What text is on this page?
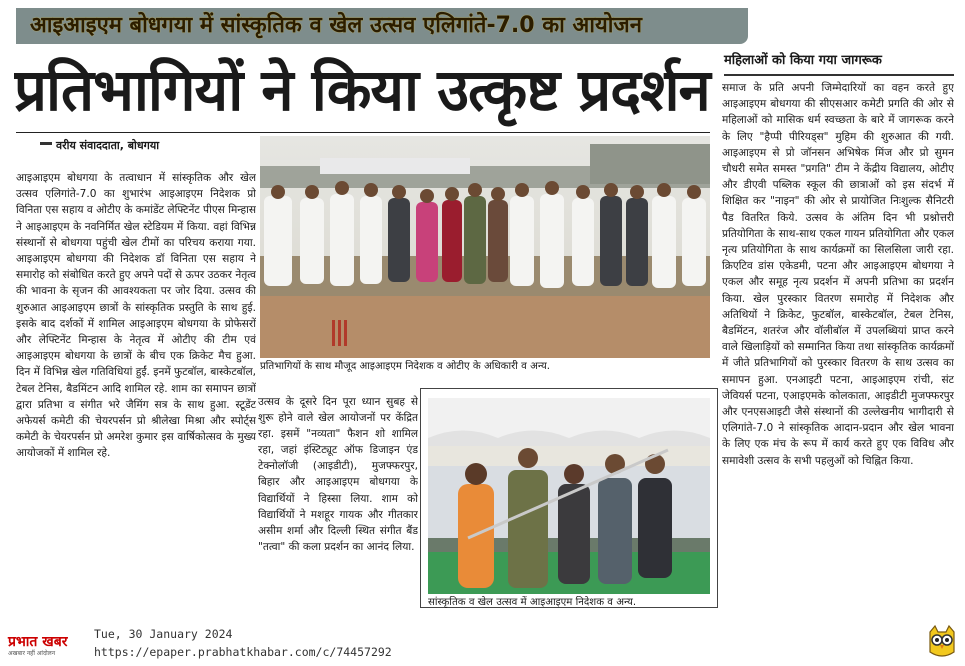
आइआइएम बोधगया में सांस्कृतिक व खेल उत्सव एलिगांते-7.0 का आयोजन
प्रतिभागियों ने किया उत्कृष्ट प्रदर्शन
वरीय संवाददाता, बोधगया

आइआइएम बोधगया के तत्वाधान में सांस्कृतिक और खेल उत्सव एलिगांते-7.0 का शुभारंभ आइआइएम निदेशक प्रो विनिता एस सहाय व ओटीए के कमांडेंट लेफ्टिनेंट पीएस मिन्हास ने आइआइएम के नवनिर्मित खेल स्टेडियम में किया. वहां विभिन्न संस्थानों से बोधगया पहुंची खेल टीमों का परिचय कराया गया. आइआइएम बोधगया की निदेशक डॉ विनिता एस सहाय ने समारोह को संबोधित करते हुए अपने पदों से ऊपर उठकर नेतृत्व की भावना के सृजन की आवश्यकता पर जोर दिया. उत्सव की शुरुआत आइआइएम छात्रों के सांस्कृतिक प्रस्तुति के साथ हुई. इसके बाद दर्शकों में शामिल आइआइएम बोधगया के प्रोफेसरों और लेफ्टिनेंट मिन्हास के नेतृत्व में ओटीए की टीम एवं आइआइएम बोधगया के छात्रों के बीच एक क्रिकेट मैच हुआ. दिन में विभिन्न खेल गतिविधियां हुईं. इनमें फुटबॉल, बास्केटबॉल, टेबल टेनिस, बैडमिंटन आदि शामिल रहे. शाम का समापन छात्रों द्वारा प्रतिभा व संगीत भरे जैमिंग सत्र के साथ हुआ. स्टूडेंट अफेयर्स कमेटी की चेयरपर्सन प्रो श्रीलेखा मिश्रा और स्पोर्ट्स कमेटी के चेयरपर्सन प्रो अमरेश कुमार इस वार्षिकोत्सव के मुख्य आयोजकों में शामिल रहे.

प्रतिभागियों के साथ मौजूद आइआइएम निदेशक व ओटीए के अधिकारी व अन्य.

उत्सव के दूसरे दिन पूरा ध्यान सुबह से शुरू होने वाले खेल आयोजनों पर केंद्रित रहा. इसमें "नव्यता" फैशन शो शामिल रहा, जहां इंस्टिट्यूट ऑफ डिजाइन एंड टेक्नोलॉजी (आइडीटी), मुजफ्फरपुर, बिहार और आइआइएम बोधगया के विद्यार्थियों ने हिस्सा लिया. शाम को विद्यार्थियों ने मशहूर गायक और गीतकार असीम शर्मा और दिल्ली स्थित संगीत बैंड "तत्वा" की कला प्रदर्शन का आनंद लिया.

सांस्कृतिक व खेल उत्सव में आइआइएम निदेशक व अन्य.
महिलाओं को किया गया जागरूक

समाज के प्रति अपनी जिम्मेदारियों का वहन करते हुए आइआइएम बोधगया की सीएसआर कमेटी प्रगति की ओर से महिलाओं को मासिक धर्म स्वच्छता के बारे में जागरूक करने के लिए "हैप्पी पीरियड्स" मुहिम की शुरुआत की गयी. आइआइएम से प्रो जॉनसन अभिषेक मिंज और प्रो सुमन चौधरी समेत समस्त "प्रगति" टीम ने केंद्रीय विद्यालय, ओटीए और डीएवी पब्लिक स्कूल की छात्राओं को इस संदर्भ में शिक्षित कर "नाइन" की ओर से प्रायोजित निःशुल्क सैनिटरी पैड वितरित किये. उत्सव के अंतिम दिन भी प्रश्नोत्तरी प्रतियोगिता के साथ-साथ एकल गायन प्रतियोगिता और एकल नृत्य प्रतियोगिता के साथ कार्यक्रमों का सिलसिला जारी रहा. क्रिएटिव डांस एकेडमी, पटना और आइआइएम बोधगया ने एकल और समूह नृत्य प्रदर्शन में अपनी प्रतिभा का प्रदर्शन किया. खेल पुरस्कार वितरण समारोह में निदेशक और अतिथियों ने क्रिकेट, फुटबॉल, बास्केटबॉल, टेबल टेनिस, बैडमिंटन, शतरंज और वॉलीबॉल में उपलब्धियां प्राप्त करने वाले खिलाड़ियों को सम्मानित किया तथा सांस्कृतिक कार्यक्रमों में जीते प्रतिभागियों को पुरस्कार वितरण के साथ उत्सव का समापन हुआ. एनआइटी पटना, आइआइएम रांची, संट जेवियर्स पटना, एआइएमके कोलकाता, आइडीटी मुजफ्फरपुर और एनएसआइटी जैसे संस्थानों की उल्लेखनीय भागीदारी से एलिगांते-7.0 ने सांस्कृतिक आदान-प्रदान और खेल भावना के लिए एक मंच के रूप में कार्य करते हुए एक विविध और समावेशी उत्सव के सभी पहलुओं को चिह्नित किया.

प्रभात खबर
अखबार नहीं आंदोलन
Tue, 30 January 2024
https://epaper.prabhatkhabar.com/c/74457292
